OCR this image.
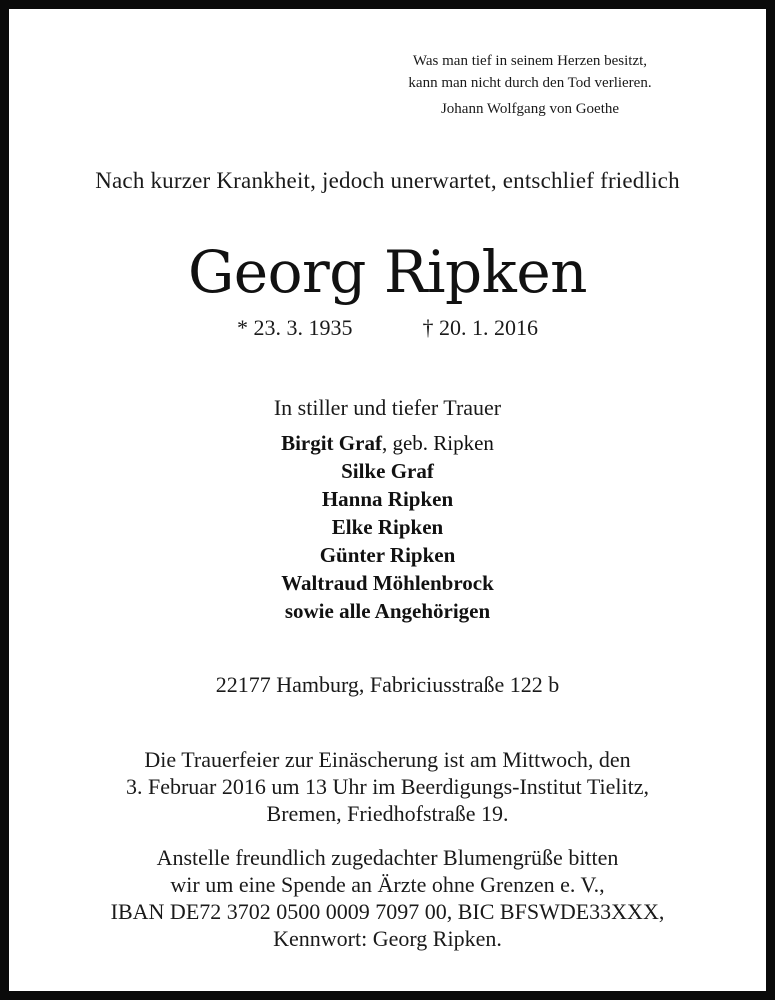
Was man tief in seinem Herzen besitzt,
kann man nicht durch den Tod verlieren.
Johann Wolfgang von Goethe
Nach kurzer Krankheit, jedoch unerwartet, entschlief friedlich
Georg Ripken
* 23. 3. 1935	† 20. 1. 2016
In stiller und tiefer Trauer
Birgit Graf, geb. Ripken
Silke Graf
Hanna Ripken
Elke Ripken
Günter Ripken
Waltraud Möhlenbrock
sowie alle Angehörigen
22177 Hamburg, Fabriciusstraße 122 b
Die Trauerfeier zur Einäscherung ist am Mittwoch, den
3. Februar 2016 um 13 Uhr im Beerdigungs-Institut Tielitz,
Bremen, Friedhofstraße 19.
Anstelle freundlich zugedachter Blumengrüße bitten
wir um eine Spende an Ärzte ohne Grenzen e. V.,
IBAN DE72 3702 0500 0009 7097 00, BIC BFSWDE33XXX,
Kennwort: Georg Ripken.
